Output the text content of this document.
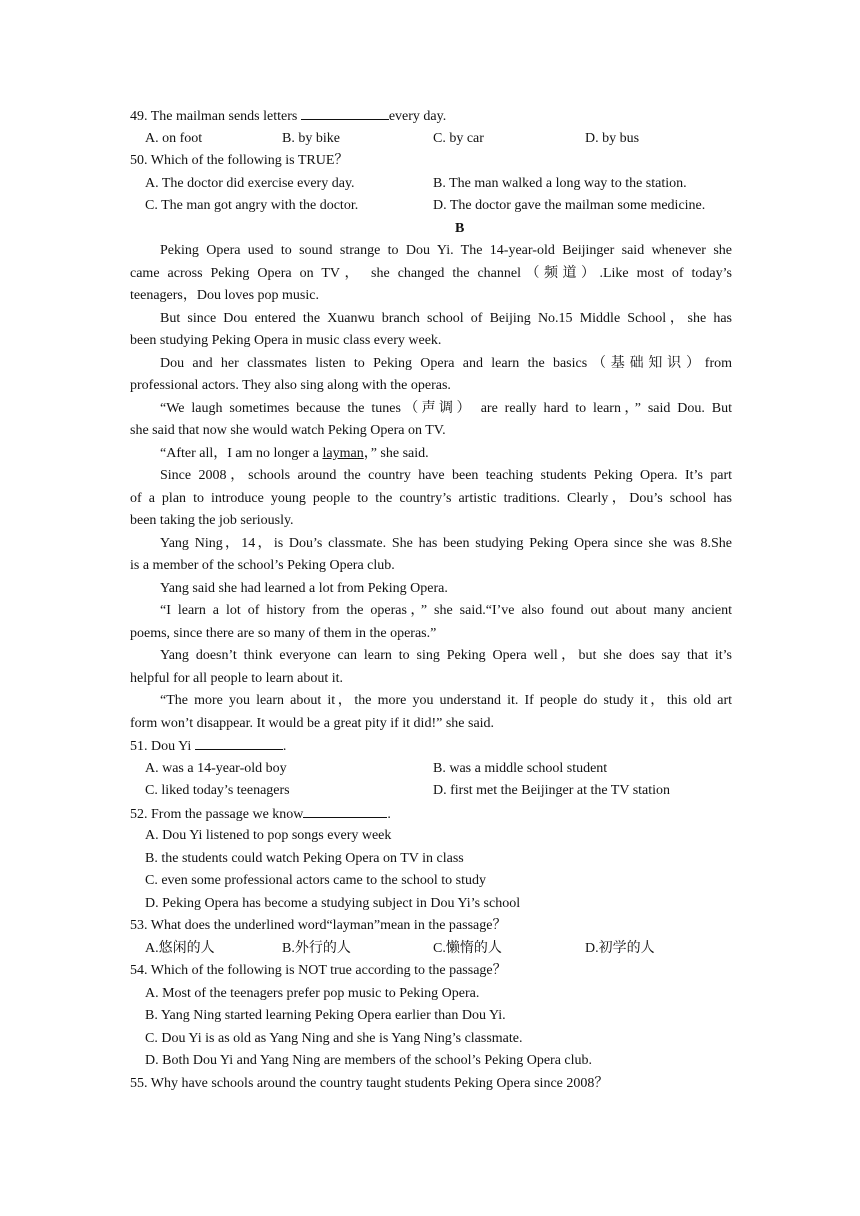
49. The mailman sends letters	every day.
A. on foot	B. by bike	C. by car	D. by bus
50. Which of the following is TRUE？
A. The doctor did exercise every day.	B. The man walked a long way to the station.
C. The man got angry with the doctor.	D. The doctor gave the mailman some medicine.
B
Peking Opera used to sound strange to Dou Yi. The 14-year-old Beijinger said whenever she
came across Peking Opera on TV， she changed the channel（频道）.Like most of today’s
teenagers，Dou loves pop music.
But since Dou entered the Xuanwu branch school of Beijing No.15 Middle School，she has
been studying Peking Opera in music class every week.
Dou and her classmates listen to Peking Opera and learn the basics（基础知识）from
professional actors. They also sing along with the operas.
“We laugh sometimes because the tunes（声调） are really hard to learn，” said Dou. But
she said that now she would watch Peking Opera on TV.
“After all，I am no longer a layman，” she said.
Since 2008，schools around the country have been teaching students Peking Opera. It’s part
of a plan to introduce young people to the country’s artistic traditions. Clearly，Dou’s school has
been taking the job seriously.
Yang Ning，14，is Dou’s classmate. She has been studying Peking Opera since she was 8.She
is a member of the school’s Peking Opera club.
Yang said she had learned a lot from Peking Opera.
“I learn a lot of history from the operas，” she said.“I’ve also found out about many ancient
poems, since there are so many of them in the operas.”
Yang doesn’t think everyone can learn to sing Peking Opera well，but she does say that it’s
helpful for all people to learn about it.
“The more you learn about it，the more you understand it. If people do study it，this old art
form won’t disappear. It would be a great pity if it did!” she said.
51. Dou Yi	.
A. was a 14-year-old boy	B. was a middle school student
C. liked today’s teenagers	D. first met the Beijinger at the TV station
52. From the passage we know	.
A. Dou Yi listened to pop songs every week
B. the students could watch Peking Opera on TV in class
C. even some professional actors came to the school to study
D. Peking Opera has become a studying subject in Dou Yi’s school
53. What does the underlined word“layman”mean in the passage？
A.悠闲的人	B.外行的人	C.懒惰的人	D.初学的人
54. Which of the following is NOT true according to the passage？
A. Most of the teenagers prefer pop music to Peking Opera.
B. Yang Ning started learning Peking Opera earlier than Dou Yi.
C. Dou Yi is as old as Yang Ning and she is Yang Ning’s classmate.
D. Both Dou Yi and Yang Ning are members of the school’s Peking Opera club.
55. Why have schools around the country taught students Peking Opera since 2008？
